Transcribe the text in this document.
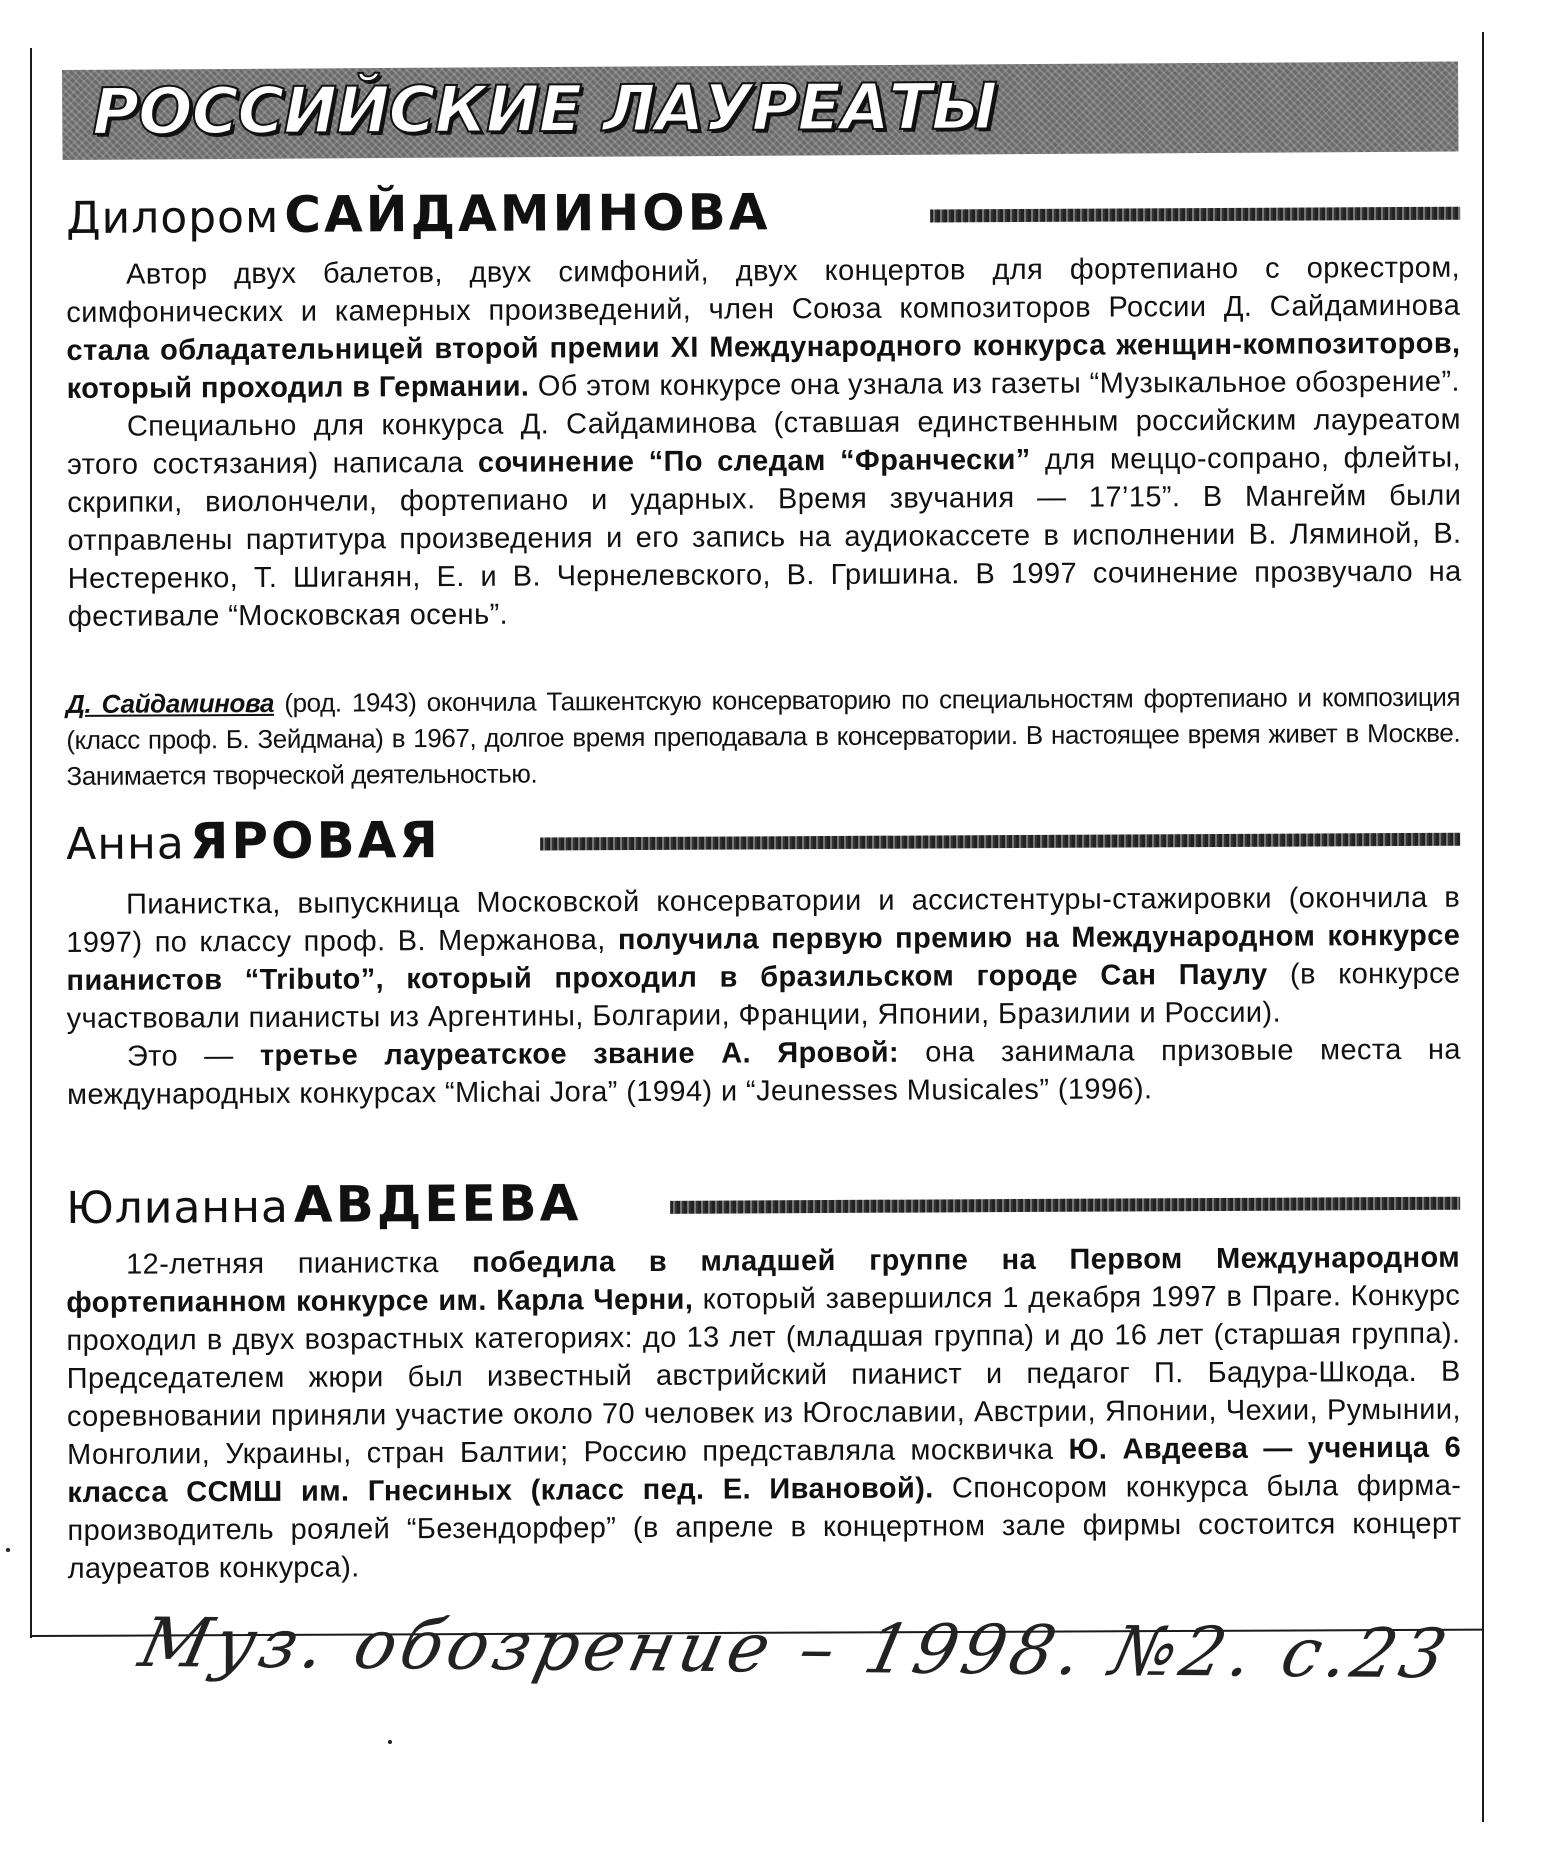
РОССИЙСКИЕ ЛАУРЕАТЫ
Дилором САЙДАМИНОВА

Автор двух балетов, двух симфоний, двух концертов для фортепиано с оркестром, симфонических и камерных произведений, член Союза композиторов России Д. Сайдаминова стала обладательницей второй премии XI Международного конкурса женщин-композиторов, который проходил в Германии. Об этом конкурсе она узнала из газеты “Музыкальное обозрение”.

Специально для конкурса Д. Сайдаминова (ставшая единственным российским лауреатом этого состязания) написала сочинение “По следам “Франчески” для меццо-сопрано, флейты, скрипки, виолончели, фортепиано и ударных. Время звучания — 17’15”. В Мангейм были отправлены партитура произведения и его запись на аудиокассете в исполнении В. Ляминой, В. Нестеренко, Т. Шиганян, Е. и В. Чернелевского, В. Гришина. В 1997 сочинение прозвучало на фестивале “Московская осень”.

Д. Сайдаминова (род. 1943) окончила Ташкентскую консерваторию по специальностям фортепиано и композиция (класс проф. Б. Зейдмана) в 1967, долгое время преподавала в консерватории. В настоящее время живет в Москве. Занимается творческой деятельностью.
Анна ЯРОВАЯ

Пианистка, выпускница Московской консерватории и ассистентуры-стажировки (окончила в 1997) по классу проф. В. Мержанова, получила первую премию на Международном конкурсе пианистов “Tributo”, который проходил в бразильском городе Сан Паулу (в конкурсе участвовали пианисты из Аргентины, Болгарии, Франции, Японии, Бразилии и России).

Это — третье лауреатское звание А. Яровой: она занимала призовые места на международных конкурсах “Michai Jora” (1994) и “Jeunesses Musicales” (1996).

Юлианна АВДЕЕВА

12-летняя пианистка победила в младшей группе на Первом Международном фортепианном конкурсе им. Карла Черни, который завершился 1 декабря 1997 в Праге. Конкурс проходил в двух возрастных категориях: до 13 лет (младшая группа) и до 16 лет (старшая группа). Председателем жюри был известный австрийский пианист и педагог П. Бадура-Шкода. В соревновании приняли участие около 70 человек из Югославии, Австрии, Японии, Чехии, Румынии, Монголии, Украины, стран Балтии; Россию представляла москвичка Ю. Авдеева — ученица 6 класса ССМШ им. Гнесиных (класс пед. Е. Ивановой). Спонсором конкурса была фирма-производитель роялей “Безендорфер” (в апреле в концертном зале фирмы состоится концерт лауреатов конкурса).

Муз. обозрение – 1998. №2. с.23
